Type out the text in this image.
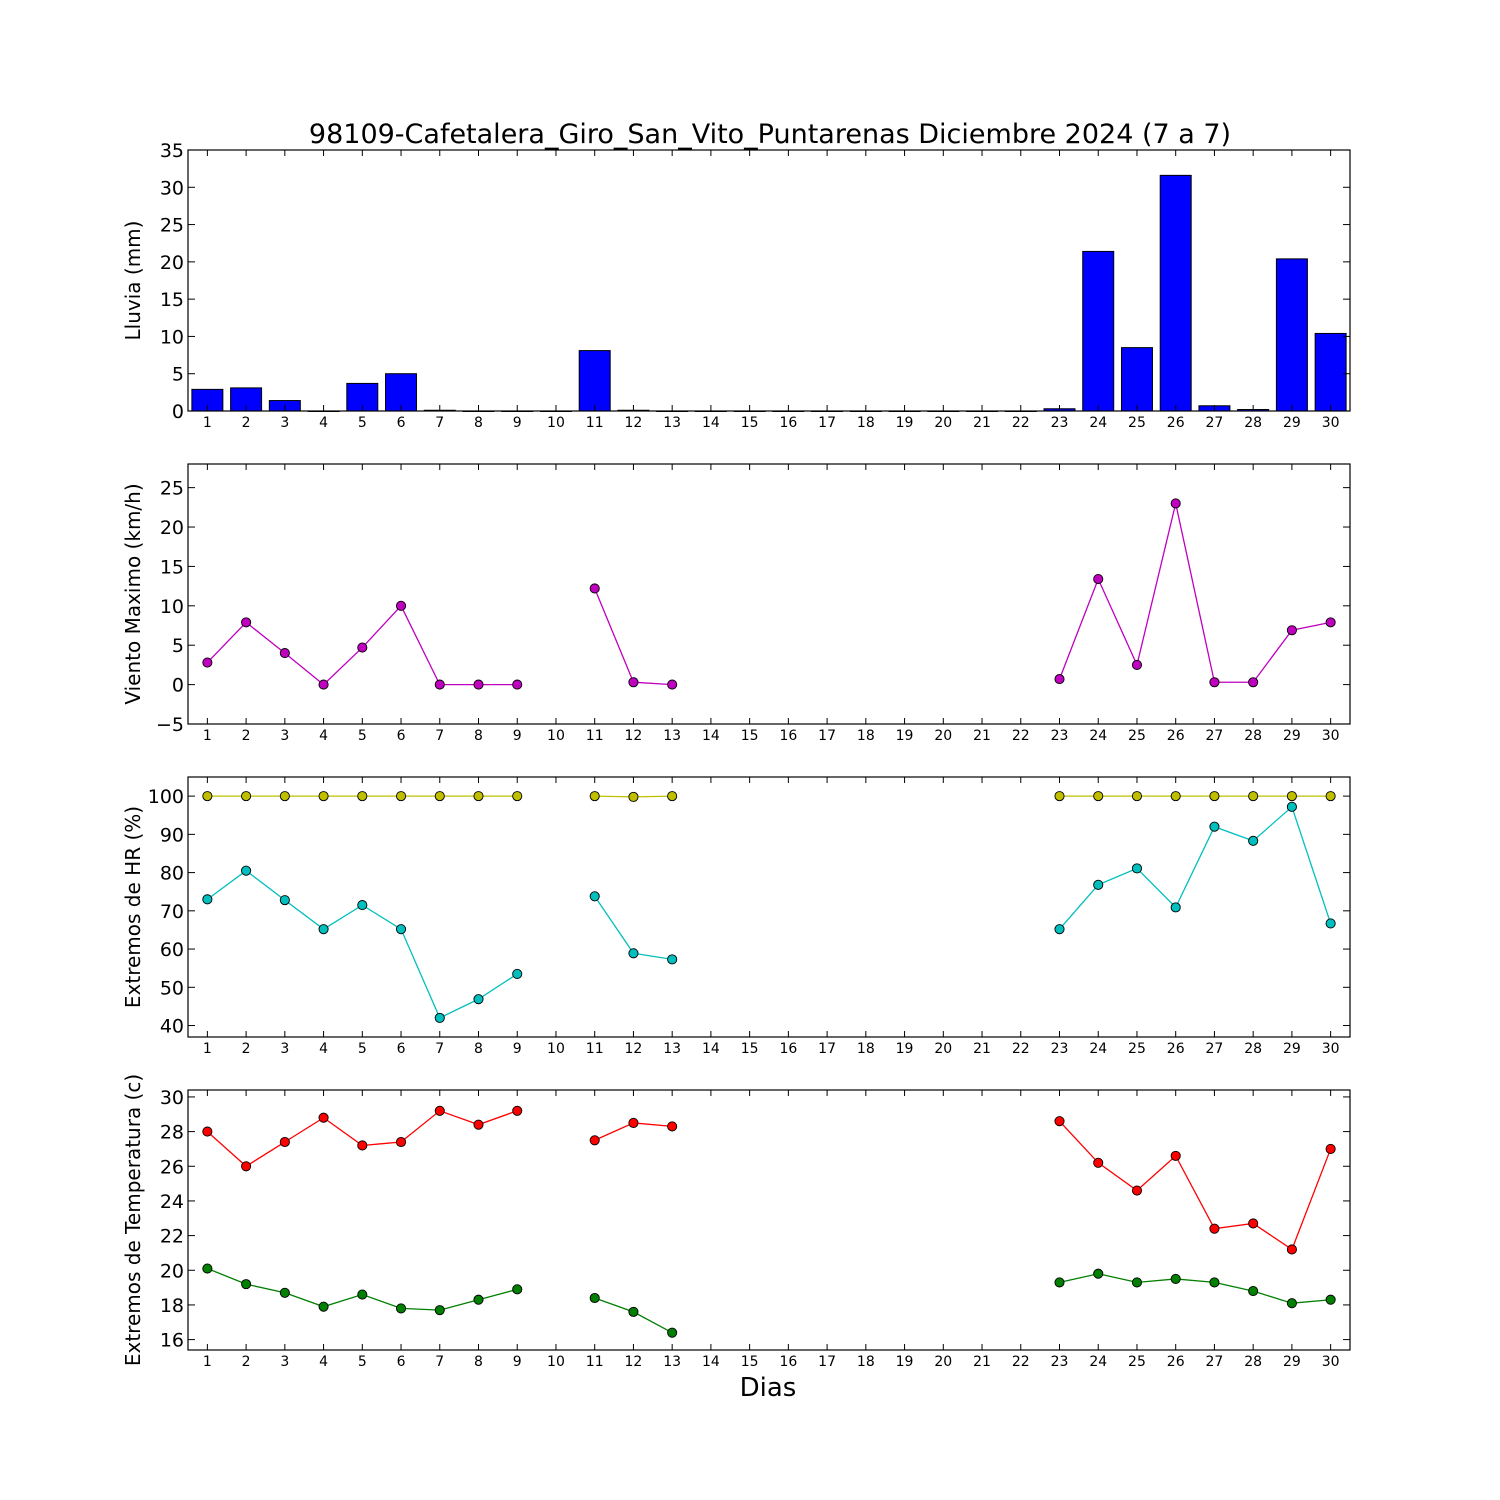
98109-Cafetalera_Giro_San_Vito_Puntarenas Diciembre 2024 (7 a 7)
Dias
0
5
10
15
20
25
30
35
1 2 3 4 5 6 7 8 9 10 11 12 13 14 15 16 17 18 19 20 21 22 23 24 25 26 27 28 29 30
Lluvia (mm)
−5
0
5
10
15
20
25
1 2 3 4 5 6 7 8 9 10 11 12 13 14 15 16 17 18 19 20 21 22 23 24 25 26 27 28 29 30
Viento Maximo (km/h)
40
50
60
70
80
90
100
1 2 3 4 5 6 7 8 9 10 11 12 13 14 15 16 17 18 19 20 21 22 23 24 25 26 27 28 29 30
Extremos de HR (%)
16
18
20
22
24
26
28
30
1 2 3 4 5 6 7 8 9 10 11 12 13 14 15 16 17 18 19 20 21 22 23 24 25 26 27 28 29 30
Extremos de Temperatura (c)
